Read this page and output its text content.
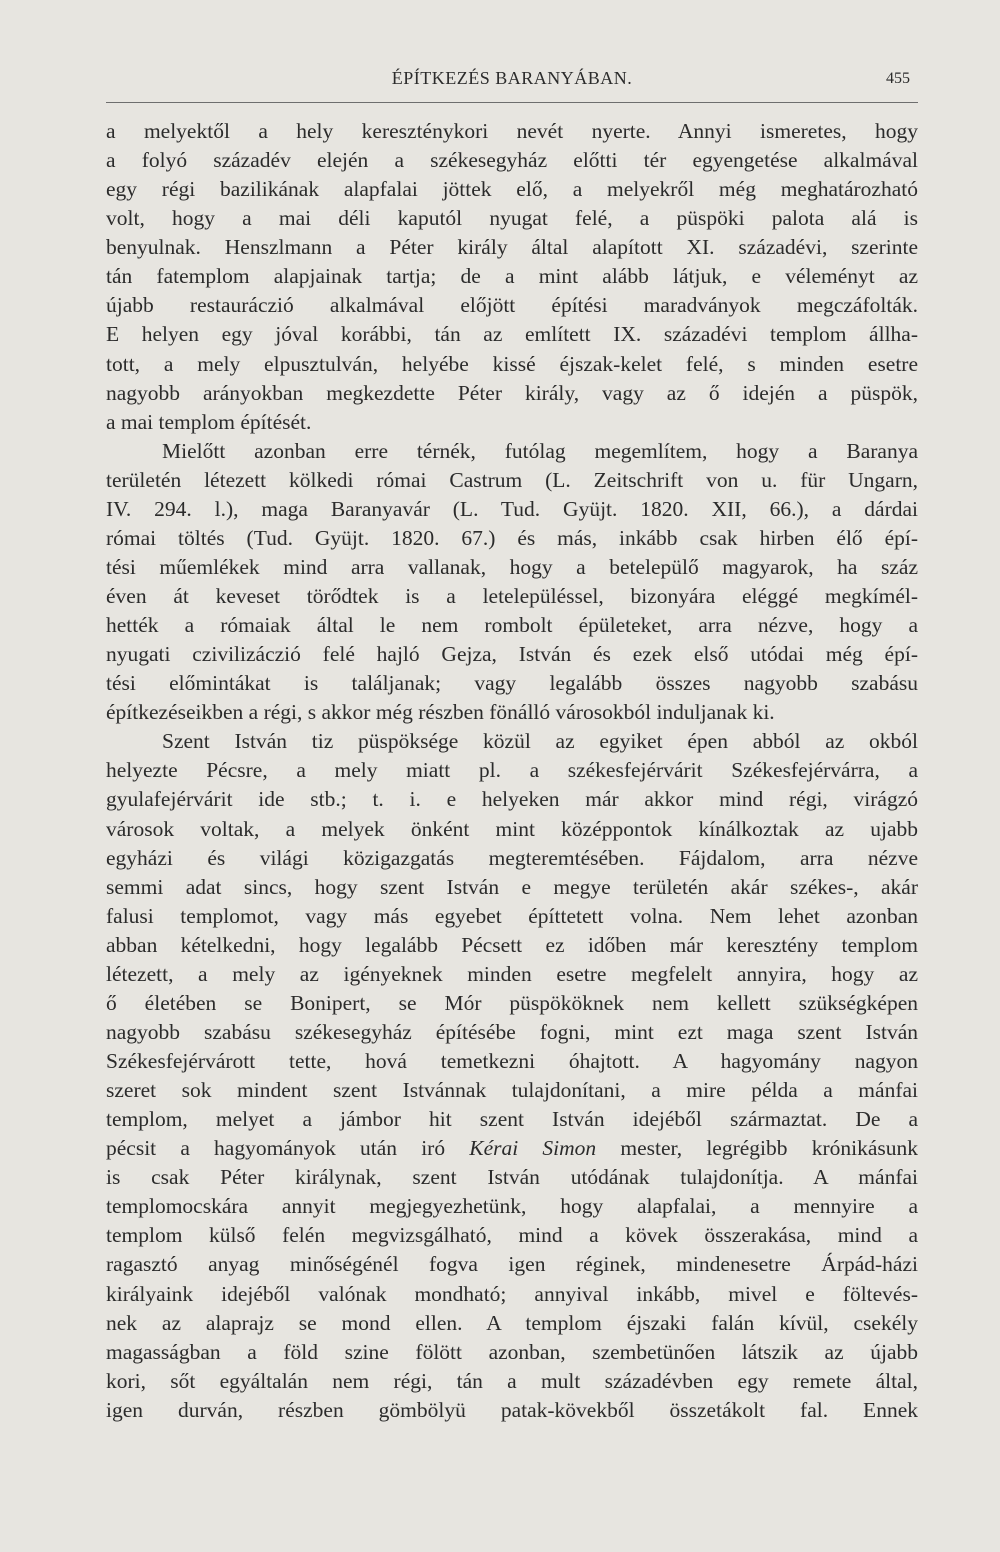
ÉPÍTKEZÉS BARANYÁBAN.	455
a melyektől a hely kereszténykori nevét nyerte. Annyi ismeretes, hogy
a folyó századév elején a székesegyház előtti tér egyengetése alkalmával
egy régi bazilikának alapfalai jöttek elő, a melyekről még meghatározható
volt, hogy a mai déli kaputól nyugat felé, a püspöki palota alá is
benyulnak. Henszlmann a Péter király által alapított XI. századévi, szerinte
tán fatemplom alapjainak tartja; de a mint alább látjuk, e véleményt az
újabb restauráczió alkalmával előjött építési maradványok megczáfolták.
E helyen egy jóval korábbi, tán az említett IX. századévi templom állha-
tott, a mely elpusztulván, helyébe kissé éjszak-kelet felé, s minden esetre
nagyobb arányokban megkezdette Péter király, vagy az ő idején a püspök,
a mai templom építését.
Mielőtt azonban erre térnék, futólag megemlítem, hogy a Baranya
területén létezett kölkedi római Castrum (L. Zeitschrift von u. für Ungarn,
IV. 294. l.), maga Baranyavár (L. Tud. Gyüjt. 1820. XII, 66.), a dárdai
római töltés (Tud. Gyüjt. 1820. 67.) és más, inkább csak hirben élő épí-
tési műemlékek mind arra vallanak, hogy a betelepülő magyarok, ha száz
éven át keveset törődtek is a letelepüléssel, bizonyára eléggé megkímél-
hették a rómaiak által le nem rombolt épületeket, arra nézve, hogy a
nyugati czivilizáczió felé hajló Gejza, István és ezek első utódai még épí-
tési előmintákat is találjanak; vagy legalább összes nagyobb szabásu
építkezéseikben a régi, s akkor még részben fönálló városokból induljanak ki.
Szent István tiz püspöksége közül az egyiket épen abból az okból
helyezte Pécsre, a mely miatt pl. a székesfejérvárit Székesfejérvárra, a
gyulafejérvárit ide stb.; t. i. e helyeken már akkor mind régi, virágzó
városok voltak, a melyek önként mint középpontok kínálkoztak az ujabb
egyházi és világi közigazgatás megteremtésében. Fájdalom, arra nézve
semmi adat sincs, hogy szent István e megye területén akár székes-, akár
falusi templomot, vagy más egyebet építtetett volna. Nem lehet azonban
abban kételkedni, hogy legalább Pécsett ez időben már keresztény templom
létezett, a mely az igényeknek minden esetre megfelelt annyira, hogy az
ő életében se Bonipert, se Mór püspököknek nem kellett szükségképen
nagyobb szabásu székesegyház építésébe fogni, mint ezt maga szent István
Székesfejérvárott tette, hová temetkezni óhajtott. A hagyomány nagyon
szeret sok mindent szent Istvánnak tulajdonítani, a mire példa a mánfai
templom, melyet a jámbor hit szent István idejéből származtat. De a
pécsit a hagyományok után iró Kérai Simon mester, legrégibb krónikásunk
is csak Péter királynak, szent István utódának tulajdonítja. A mánfai
templomocskára annyit megjegyezhetünk, hogy alapfalai, a mennyire a
templom külső felén megvizsgálható, mind a kövek összerakása, mind a
ragasztó anyag minőségénél fogva igen réginek, mindenesetre Árpád-házi
királyaink idejéből valónak mondható; annyival inkább, mivel e föltevés-
nek az alaprajz se mond ellen. A templom éjszaki falán kívül, csekély
magasságban a föld szine fölött azonban, szembetünően látszik az újabb
kori, sőt egyáltalán nem régi, tán a mult századévben egy remete által,
igen durván, részben gömbölyü patak-kövekből összetákolt fal. Ennek
